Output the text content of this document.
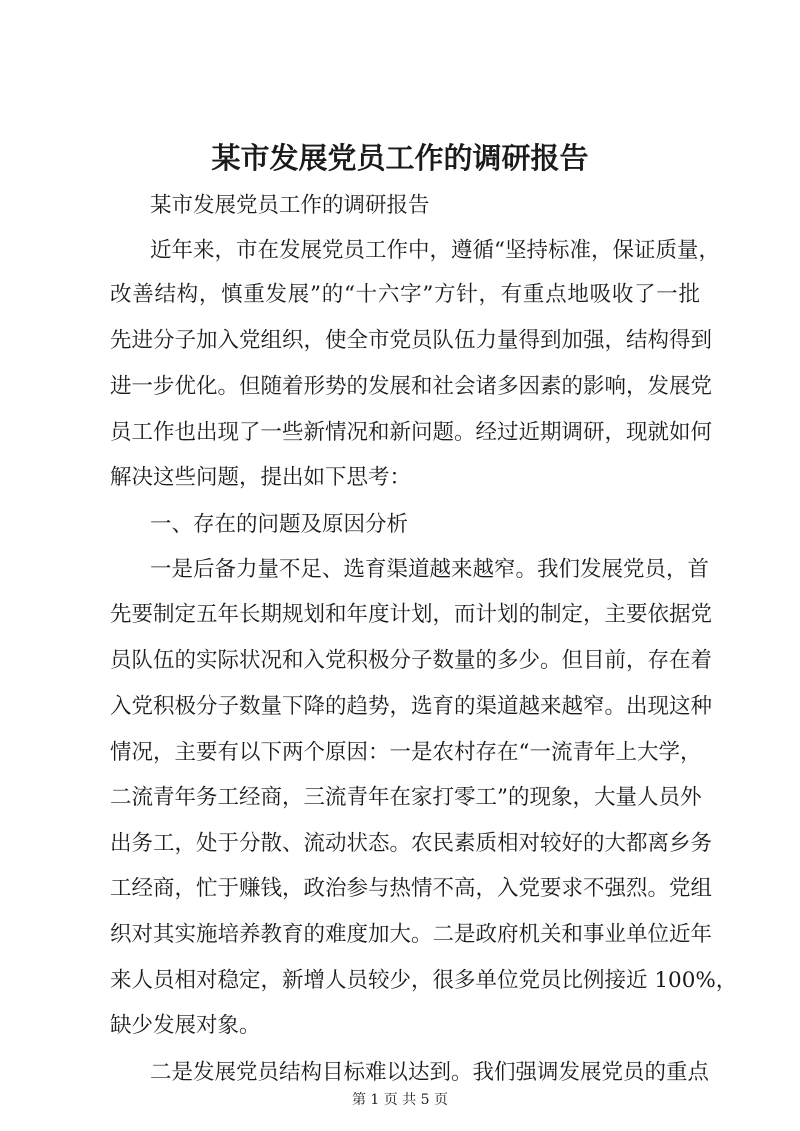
某市发展党员工作的调研报告
某市发展党员工作的调研报告
近年来，市在发展党员工作中，遵循“坚持标准，保证质量，
改善结构，慎重发展”的“十六字”方针，有重点地吸收了一批
先进分子加入党组织，使全市党员队伍力量得到加强，结构得到
进一步优化。但随着形势的发展和社会诸多因素的影响，发展党
员工作也出现了一些新情况和新问题。经过近期调研，现就如何
解决这些问题，提出如下思考：
一、存在的问题及原因分析
一是后备力量不足、选育渠道越来越窄。我们发展党员，首
先要制定五年长期规划和年度计划，而计划的制定，主要依据党
员队伍的实际状况和入党积极分子数量的多少。但目前，存在着
入党积极分子数量下降的趋势，选育的渠道越来越窄。出现这种
情况，主要有以下两个原因：一是农村存在“一流青年上大学，
二流青年务工经商，三流青年在家打零工”的现象，大量人员外
出务工，处于分散、流动状态。农民素质相对较好的大都离乡务
工经商，忙于赚钱，政治参与热情不高，入党要求不强烈。党组
织对其实施培养教育的难度加大。二是政府机关和事业单位近年
来人员相对稳定，新增人员较少，很多单位党员比例接近 100%，
缺少发展对象。
二是发展党员结构目标难以达到。我们强调发展党员的重点
第 1 页 共 5 页
